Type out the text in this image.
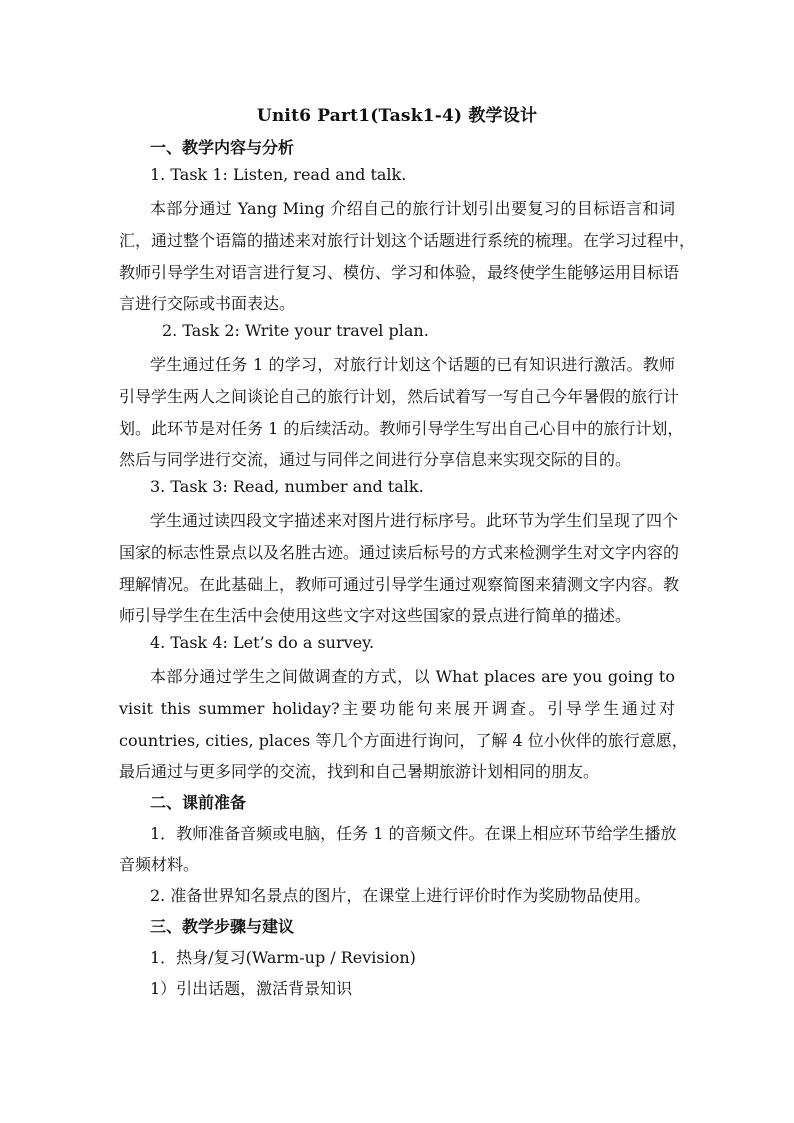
Unit6 Part1(Task1-4) 教学设计
一、教学内容与分析
1. Task 1: Listen, read and talk.
本部分通过 Yang Ming 介绍自己的旅行计划引出要复习的目标语言和词
汇，通过整个语篇的描述来对旅行计划这个话题进行系统的梳理。在学习过程中，
教师引导学生对语言进行复习、模仿、学习和体验，最终使学生能够运用目标语
言进行交际或书面表达。
2. Task 2: Write your travel plan.
学生通过任务 1 的学习，对旅行计划这个话题的已有知识进行激活。教师
引导学生两人之间谈论自己的旅行计划，然后试着写一写自己今年暑假的旅行计
划。此环节是对任务 1 的后续活动。教师引导学生写出自己心目中的旅行计划，
然后与同学进行交流，通过与同伴之间进行分享信息来实现交际的目的。
3. Task 3: Read, number and talk.
学生通过读四段文字描述来对图片进行标序号。此环节为学生们呈现了四个
国家的标志性景点以及名胜古迹。通过读后标号的方式来检测学生对文字内容的
理解情况。在此基础上，教师可通过引导学生通过观察简图来猜测文字内容。教
师引导学生在生活中会使用这些文字对这些国家的景点进行简单的描述。
4. Task 4: Let’s do a survey.
本部分通过学生之间做调查的方式，以 What places are you going to
visit this summer holiday?主要功能句来展开调查。引导学生通过对
countries, cities, places 等几个方面进行询问，了解 4 位小伙伴的旅行意愿，
最后通过与更多同学的交流，找到和自己暑期旅游计划相同的朋友。
二、课前准备
1．教师准备音频或电脑，任务 1 的音频文件。在课上相应环节给学生播放
音频材料。
2. 准备世界知名景点的图片，在课堂上进行评价时作为奖励物品使用。
三、教学步骤与建议
1．热身/复习(Warm-up / Revision)
1）引出话题，激活背景知识
